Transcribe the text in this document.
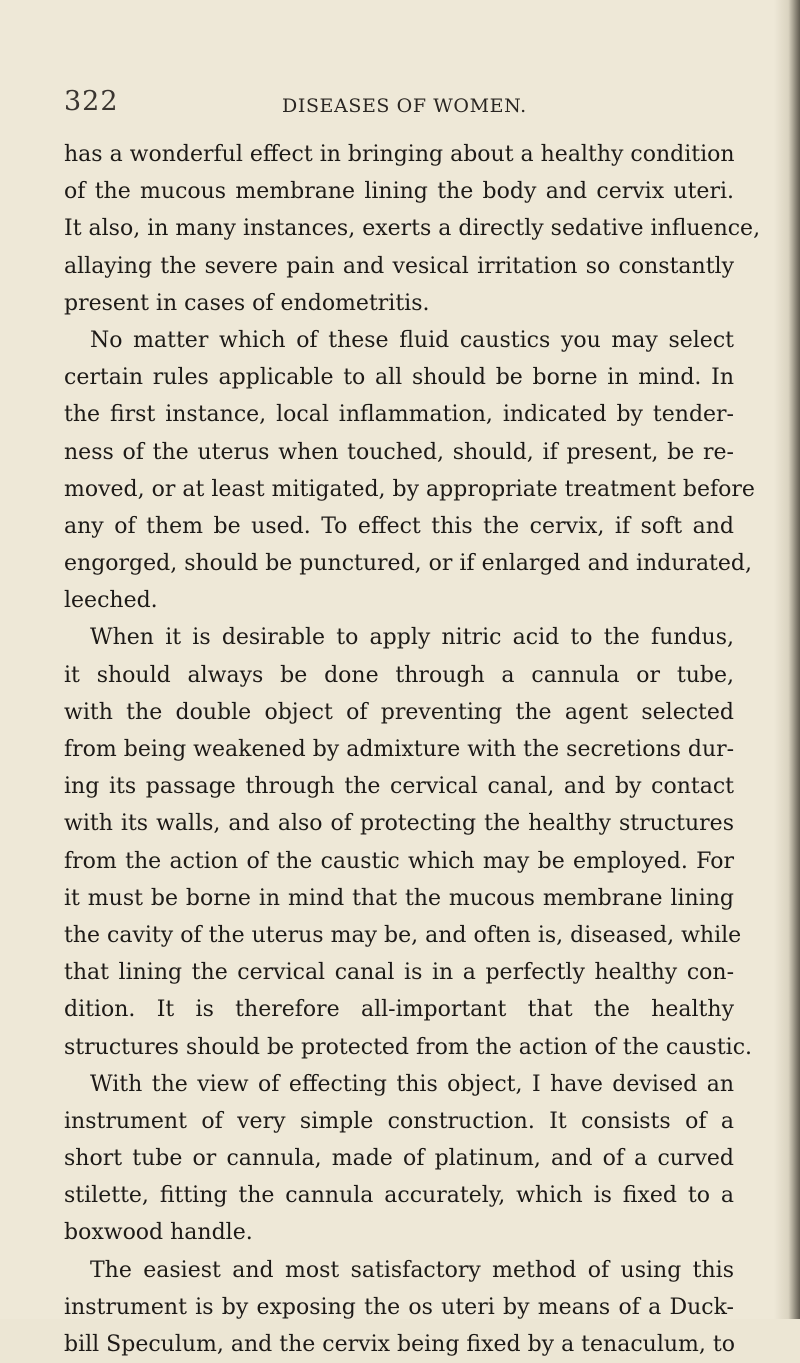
322	DISEASES OF WOMEN.
has a wonderful effect in bringing about a healthy condition
of the mucous membrane lining the body and cervix uteri.
It also, in many instances, exerts a directly sedative influence,
allaying the severe pain and vesical irritation so constantly
present in cases of endometritis.
No matter which of these fluid caustics you may select
certain rules applicable to all should be borne in mind. In
the first instance, local inflammation, indicated by tender-
ness of the uterus when touched, should, if present, be re-
moved, or at least mitigated, by appropriate treatment before
any of them be used. To effect this the cervix, if soft and
engorged, should be punctured, or if enlarged and indurated,
leeched.
When it is desirable to apply nitric acid to the fundus,
it should always be done through a cannula or tube,
with the double object of preventing the agent selected
from being weakened by admixture with the secretions dur-
ing its passage through the cervical canal, and by contact
with its walls, and also of protecting the healthy structures
from the action of the caustic which may be employed. For
it must be borne in mind that the mucous membrane lining
the cavity of the uterus may be, and often is, diseased, while
that lining the cervical canal is in a perfectly healthy con-
dition. It is therefore all-important that the healthy
structures should be protected from the action of the caustic.
With the view of effecting this object, I have devised an
instrument of very simple construction. It consists of a
short tube or cannula, made of platinum, and of a curved
stilette, fitting the cannula accurately, which is fixed to a
boxwood handle.
The easiest and most satisfactory method of using this
instrument is by exposing the os uteri by means of a Duck-
bill Speculum, and the cervix being fixed by a tenaculum, to
